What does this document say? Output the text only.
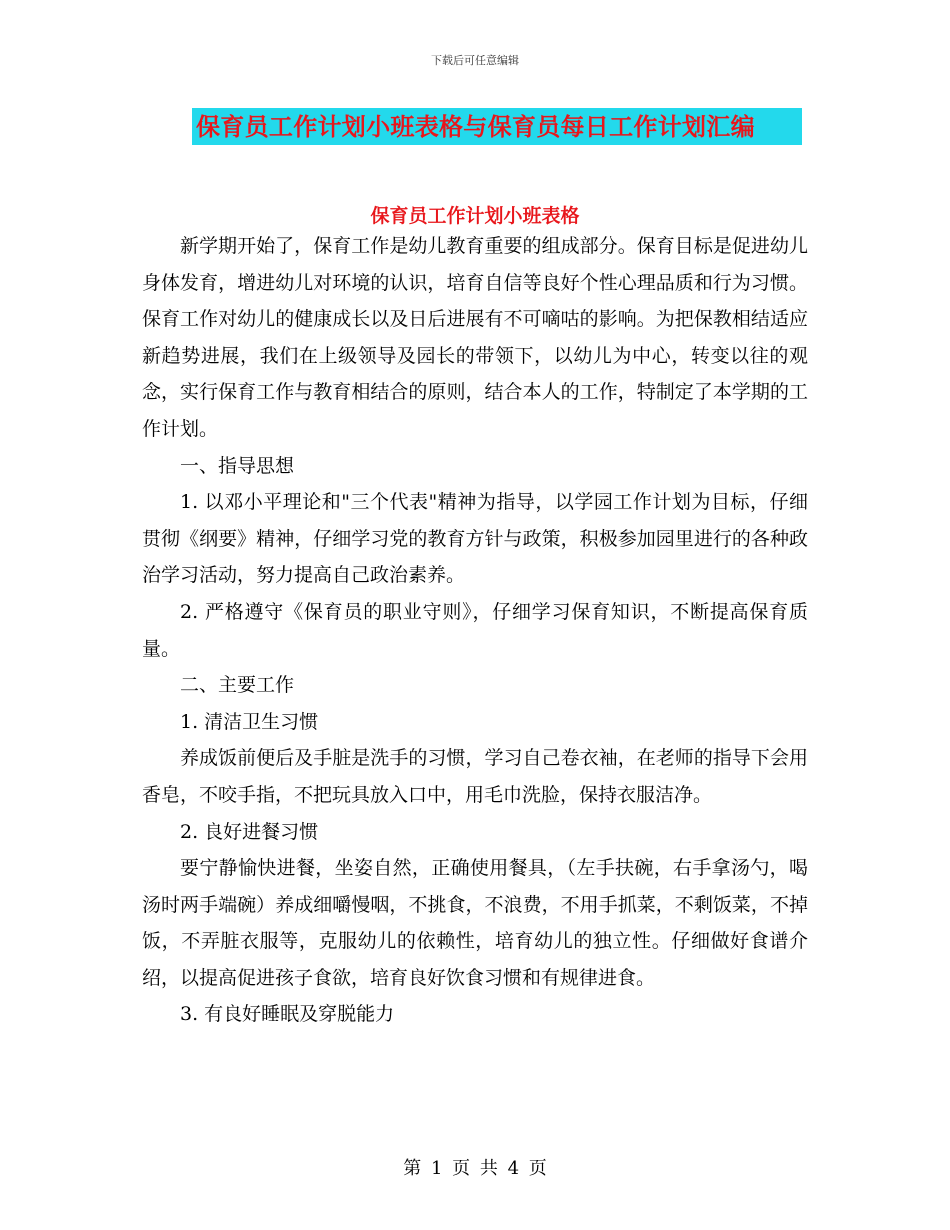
下载后可任意编辑
保育员工作计划小班表格与保育员每日工作计划汇编
保育员工作计划小班表格

新学期开始了，保育工作是幼儿教育重要的组成部分。保育目标是促进幼儿身体发育，增进幼儿对环境的认识，培育自信等良好个性心理品质和行为习惯。保育工作对幼儿的健康成长以及日后进展有不可嘀咕的影响。为把保教相结适应新趋势进展，我们在上级领导及园长的带领下，以幼儿为中心，转变以往的观念，实行保育工作与教育相结合的原则，结合本人的工作，特制定了本学期的工作计划。

一、指导思想

1. 以邓小平理论和"三个代表"精神为指导，以学园工作计划为目标，仔细贯彻《纲要》精神，仔细学习党的教育方针与政策，积极参加园里进行的各种政治学习活动，努力提高自己政治素养。

2. 严格遵守《保育员的职业守则》，仔细学习保育知识，不断提高保育质量。

二、主要工作

1. 清洁卫生习惯

养成饭前便后及手脏是洗手的习惯，学习自己卷衣袖，在老师的指导下会用香皂，不咬手指，不把玩具放入口中，用毛巾洗脸，保持衣服洁净。

2. 良好进餐习惯

要宁静愉快进餐，坐姿自然，正确使用餐具，（左手扶碗，右手拿汤勺，喝汤时两手端碗）养成细嚼慢咽，不挑食，不浪费，不用手抓菜，不剩饭菜，不掉饭，不弄脏衣服等，克服幼儿的依赖性，培育幼儿的独立性。仔细做好食谱介绍，以提高促进孩子食欲，培育良好饮食习惯和有规律进食。

3. 有良好睡眠及穿脱能力

第 1 页 共 4 页
